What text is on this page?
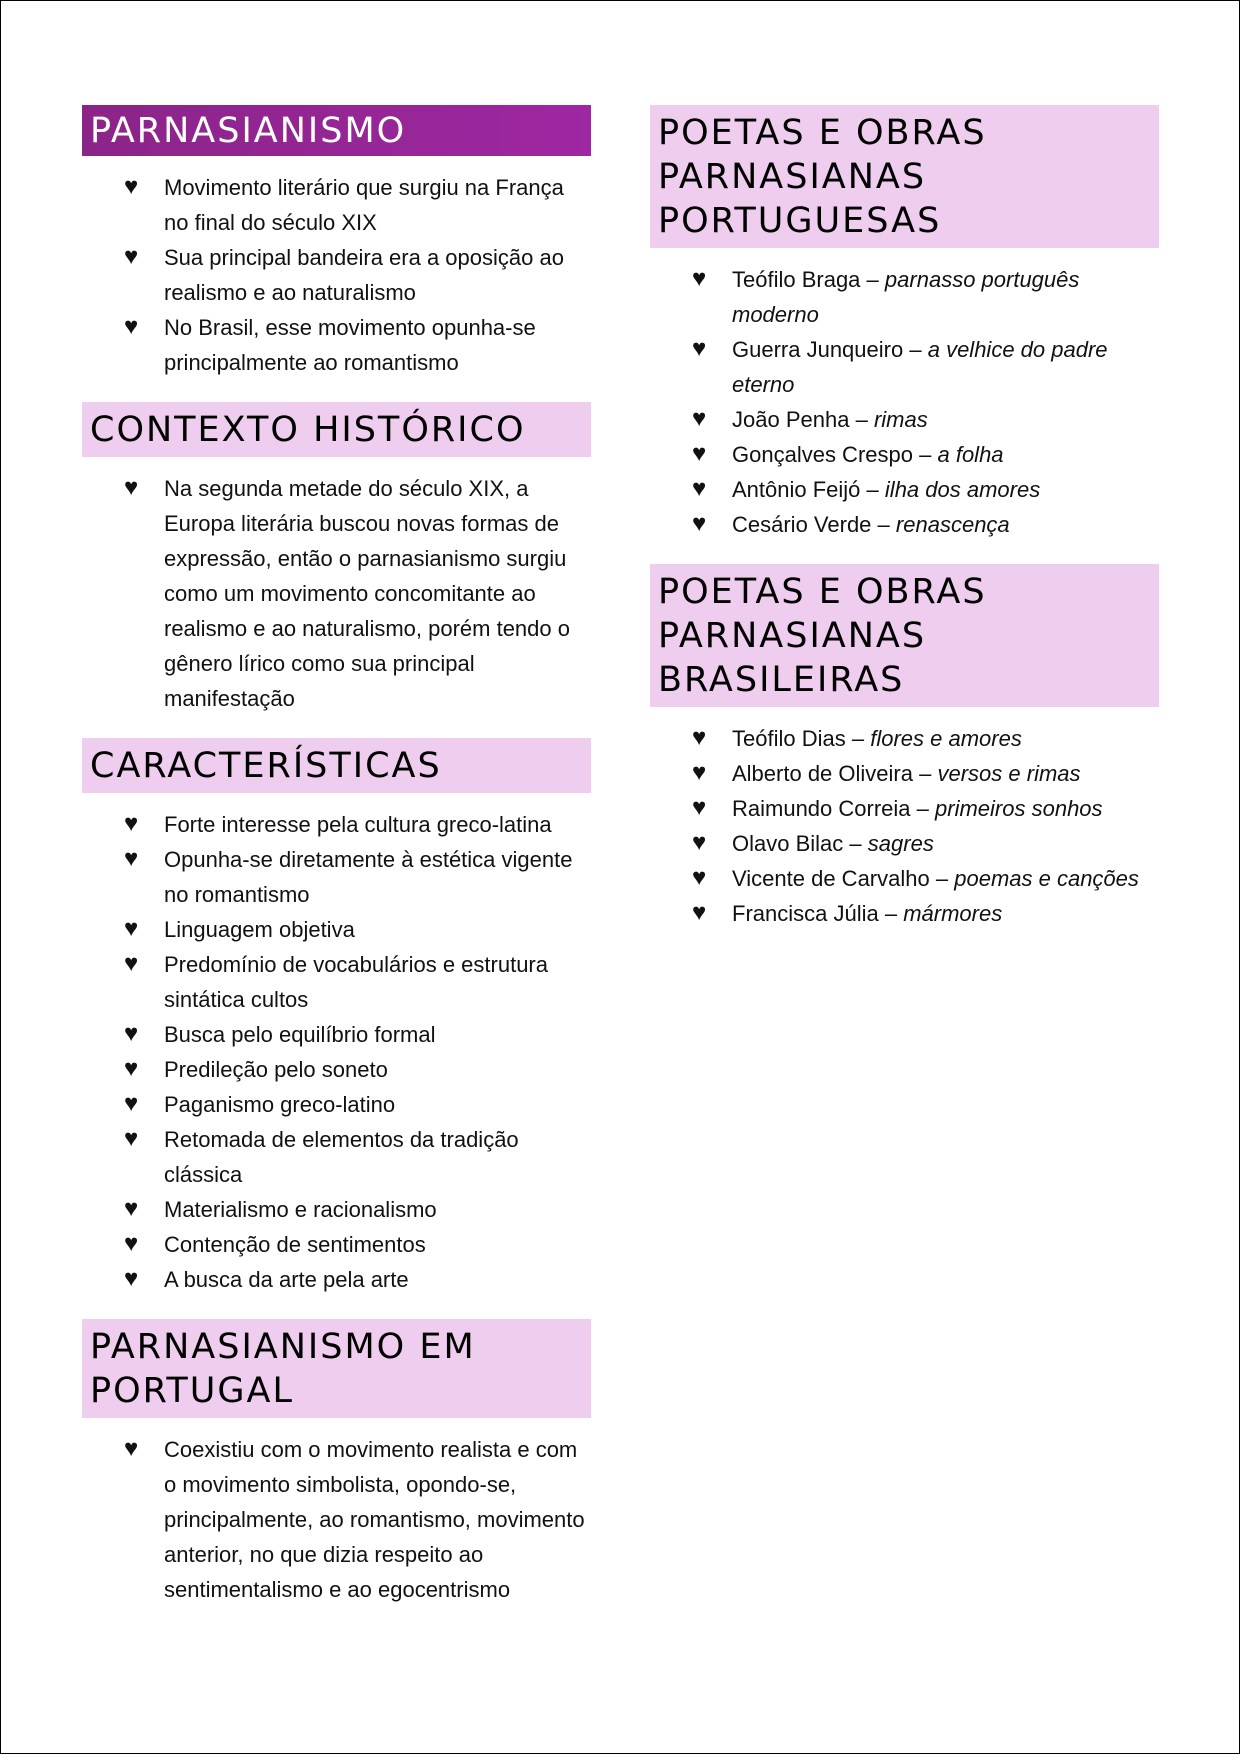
PARNASIANISMO
♥ Movimento literário que surgiu na França no final do século XIX
♥ Sua principal bandeira era a oposição ao realismo e ao naturalismo
♥ No Brasil, esse movimento opunha-se principalmente ao romantismo
CONTEXTO HISTÓRICO
♥ Na segunda metade do século XIX, a Europa literária buscou novas formas de expressão, então o parnasianismo surgiu como um movimento concomitante ao realismo e ao naturalismo, porém tendo o gênero lírico como sua principal manifestação
CARACTERÍSTICAS
♥ Forte interesse pela cultura greco-latina
♥ Opunha-se diretamente à estética vigente no romantismo
♥ Linguagem objetiva
♥ Predomínio de vocabulários e estrutura sintática cultos
♥ Busca pelo equilíbrio formal
♥ Predileção pelo soneto
♥ Paganismo greco-latino
♥ Retomada de elementos da tradição clássica
♥ Materialismo e racionalismo
♥ Contenção de sentimentos
♥ A busca da arte pela arte
PARNASIANISMO EM PORTUGAL
♥ Coexistiu com o movimento realista e com o movimento simbolista, opondo-se, principalmente, ao romantismo, movimento anterior, no que dizia respeito ao sentimentalismo e ao egocentrismo
POETAS E OBRAS PARNASIANAS PORTUGUESAS
♥ Teófilo Braga – parnasso português moderno
♥ Guerra Junqueiro – a velhice do padre eterno
♥ João Penha – rimas
♥ Gonçalves Crespo – a folha
♥ Antônio Feijó – ilha dos amores
♥ Cesário Verde – renascença
POETAS E OBRAS PARNASIANAS BRASILEIRAS
♥ Teófilo Dias – flores e amores
♥ Alberto de Oliveira – versos e rimas
♥ Raimundo Correia – primeiros sonhos
♥ Olavo Bilac – sagres
♥ Vicente de Carvalho – poemas e canções
♥ Francisca Júlia – mármores
